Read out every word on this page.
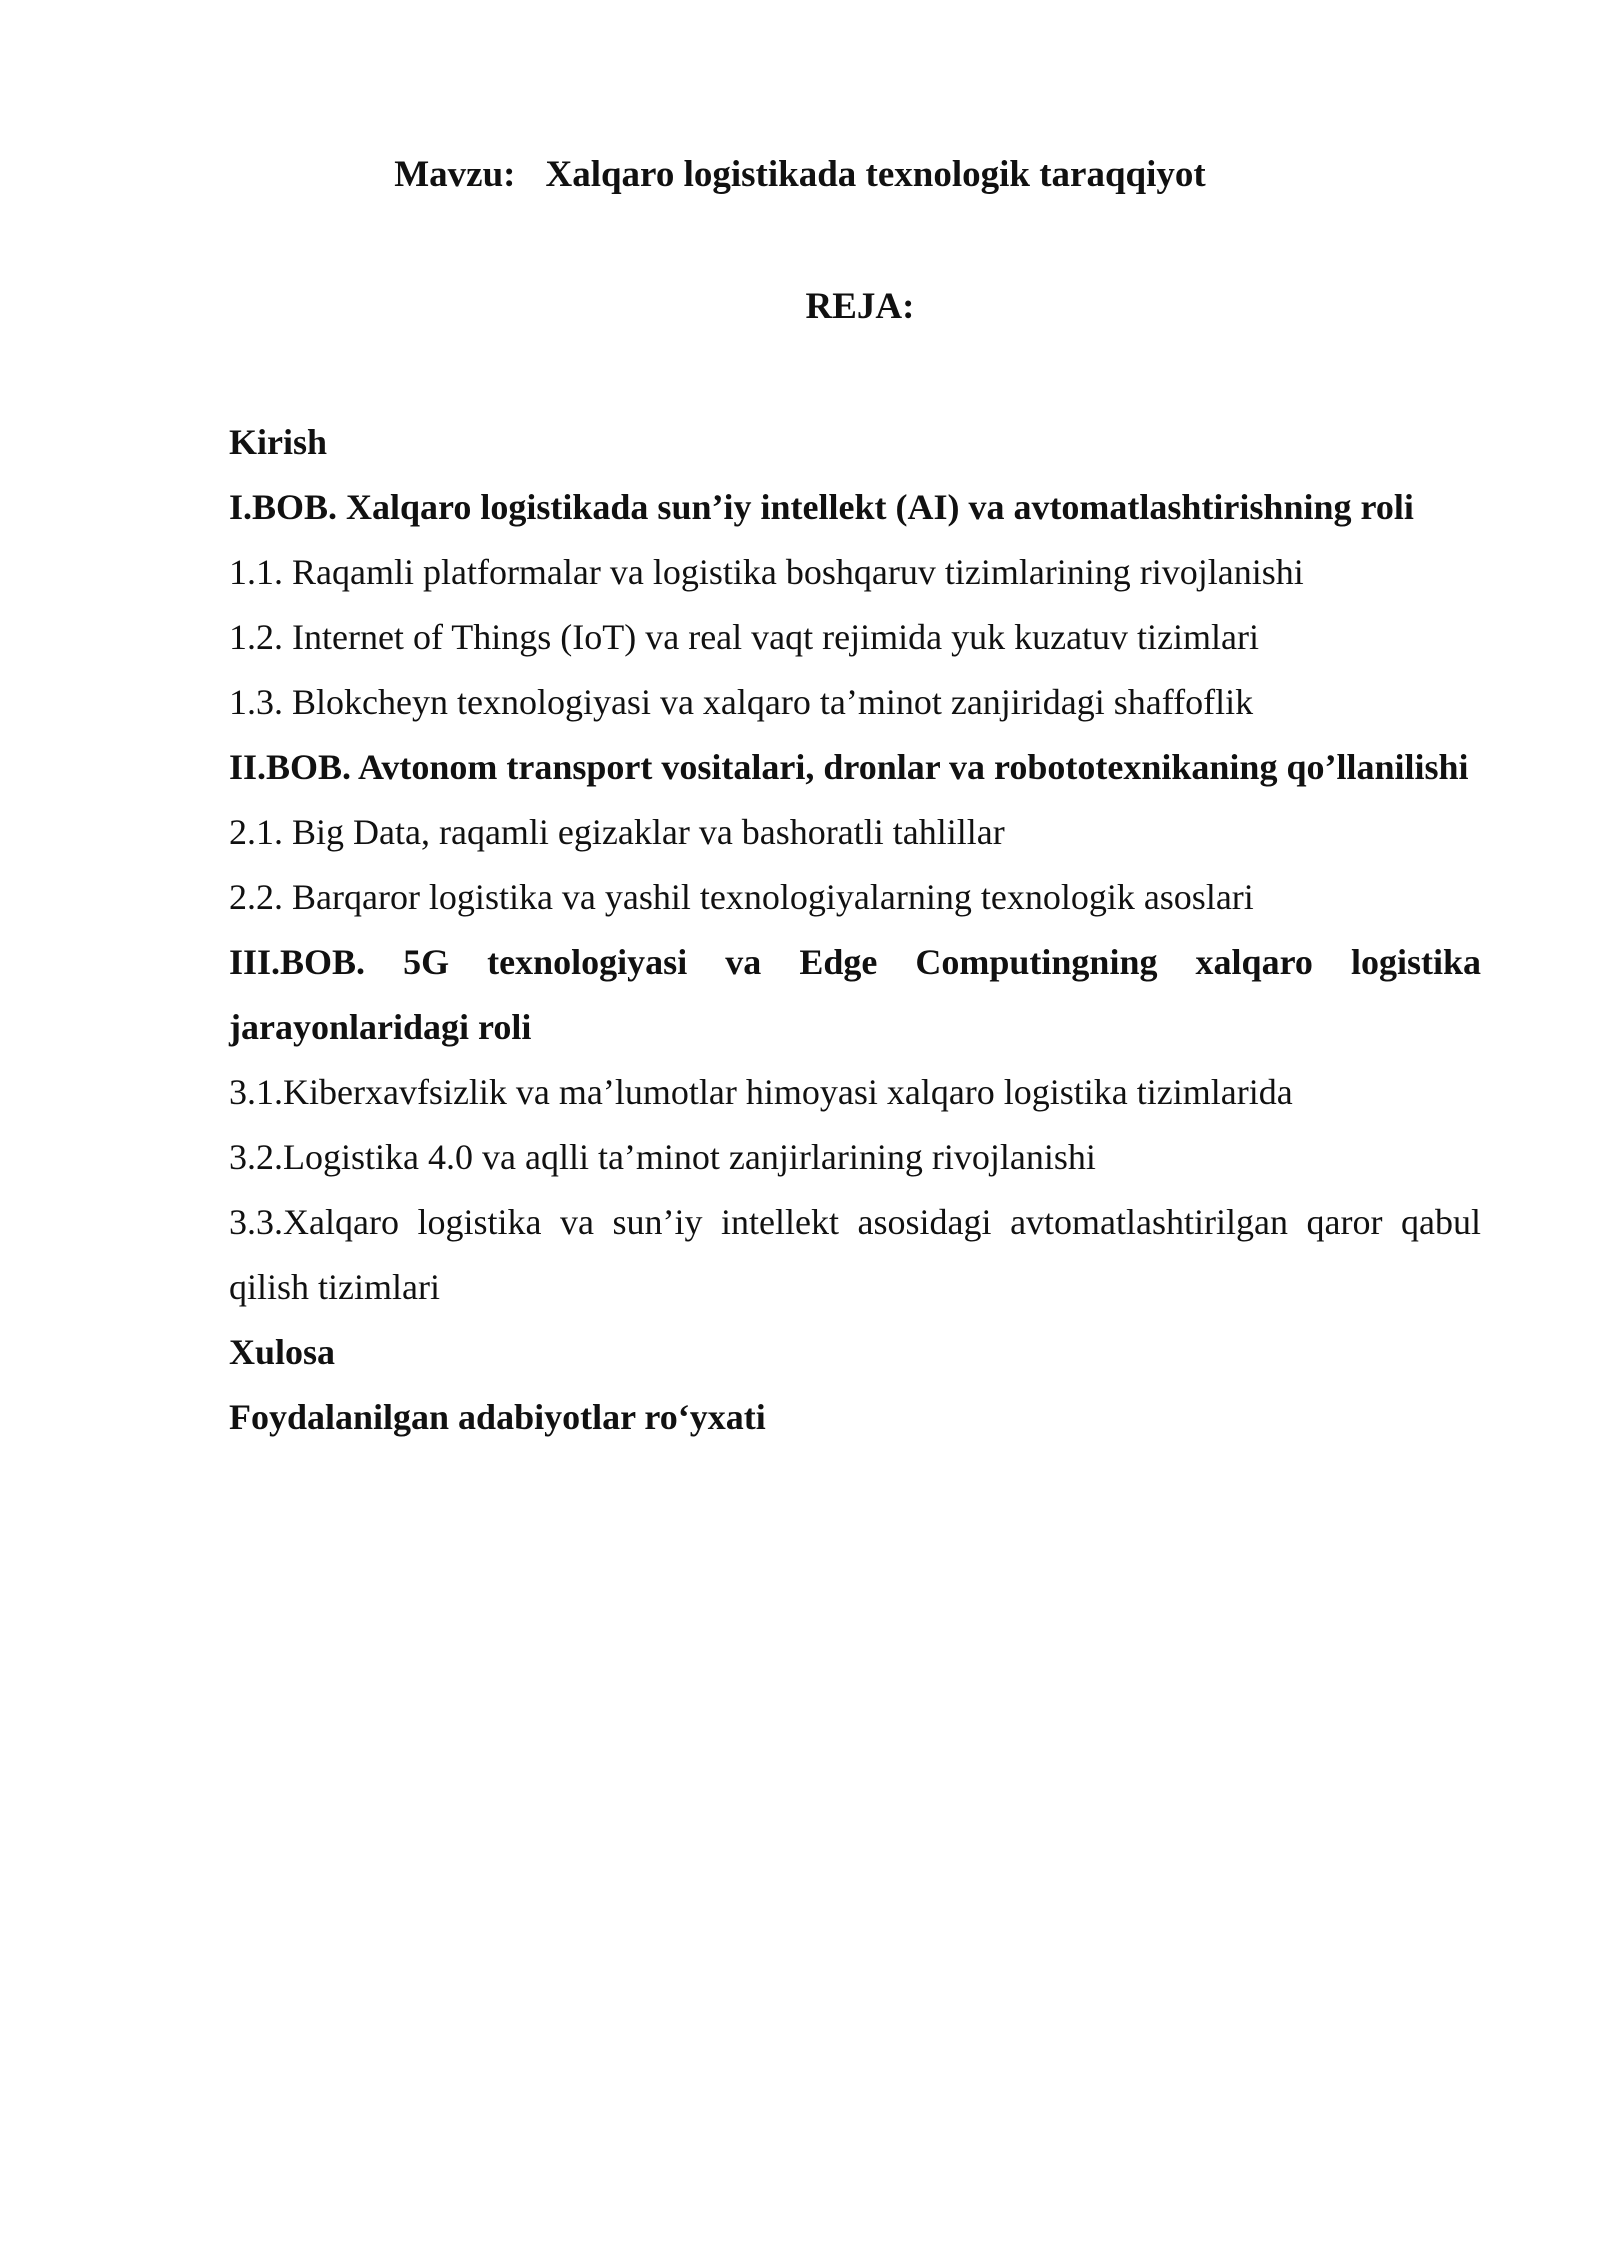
Mavzu: Xalqaro logistikada texnologik taraqqiyot
REJA:

Kirish

I.BOB. Xalqaro logistikada sun’iy intellekt (AI) va avtomatlashtirishning roli

1.1. Raqamli platformalar va logistika boshqaruv tizimlarining rivojlanishi

1.2. Internet of Things (IoT) va real vaqt rejimida yuk kuzatuv tizimlari

1.3. Blokcheyn texnologiyasi va xalqaro ta’minot zanjiridagi shaffoflik

II.BOB. Avtonom transport vositalari, dronlar va robototexnikaning qo’llanilishi

2.1. Big Data, raqamli egizaklar va bashoratli tahlillar

2.2. Barqaror logistika va yashil texnologiyalarning texnologik asoslari

III.BOB. 5G texnologiyasi va Edge Computingning xalqaro logistika jarayonlaridagi roli

3.1.Kiberxavfsizlik va ma’lumotlar himoyasi xalqaro logistika tizimlarida

3.2.Logistika 4.0 va aqlli ta’minot zanjirlarining rivojlanishi

3.3.Xalqaro logistika va sun’iy intellekt asosidagi avtomatlashtirilgan qaror qabul qilish tizimlari

Xulosa

Foydalanilgan adabiyotlar ro‘yxati
